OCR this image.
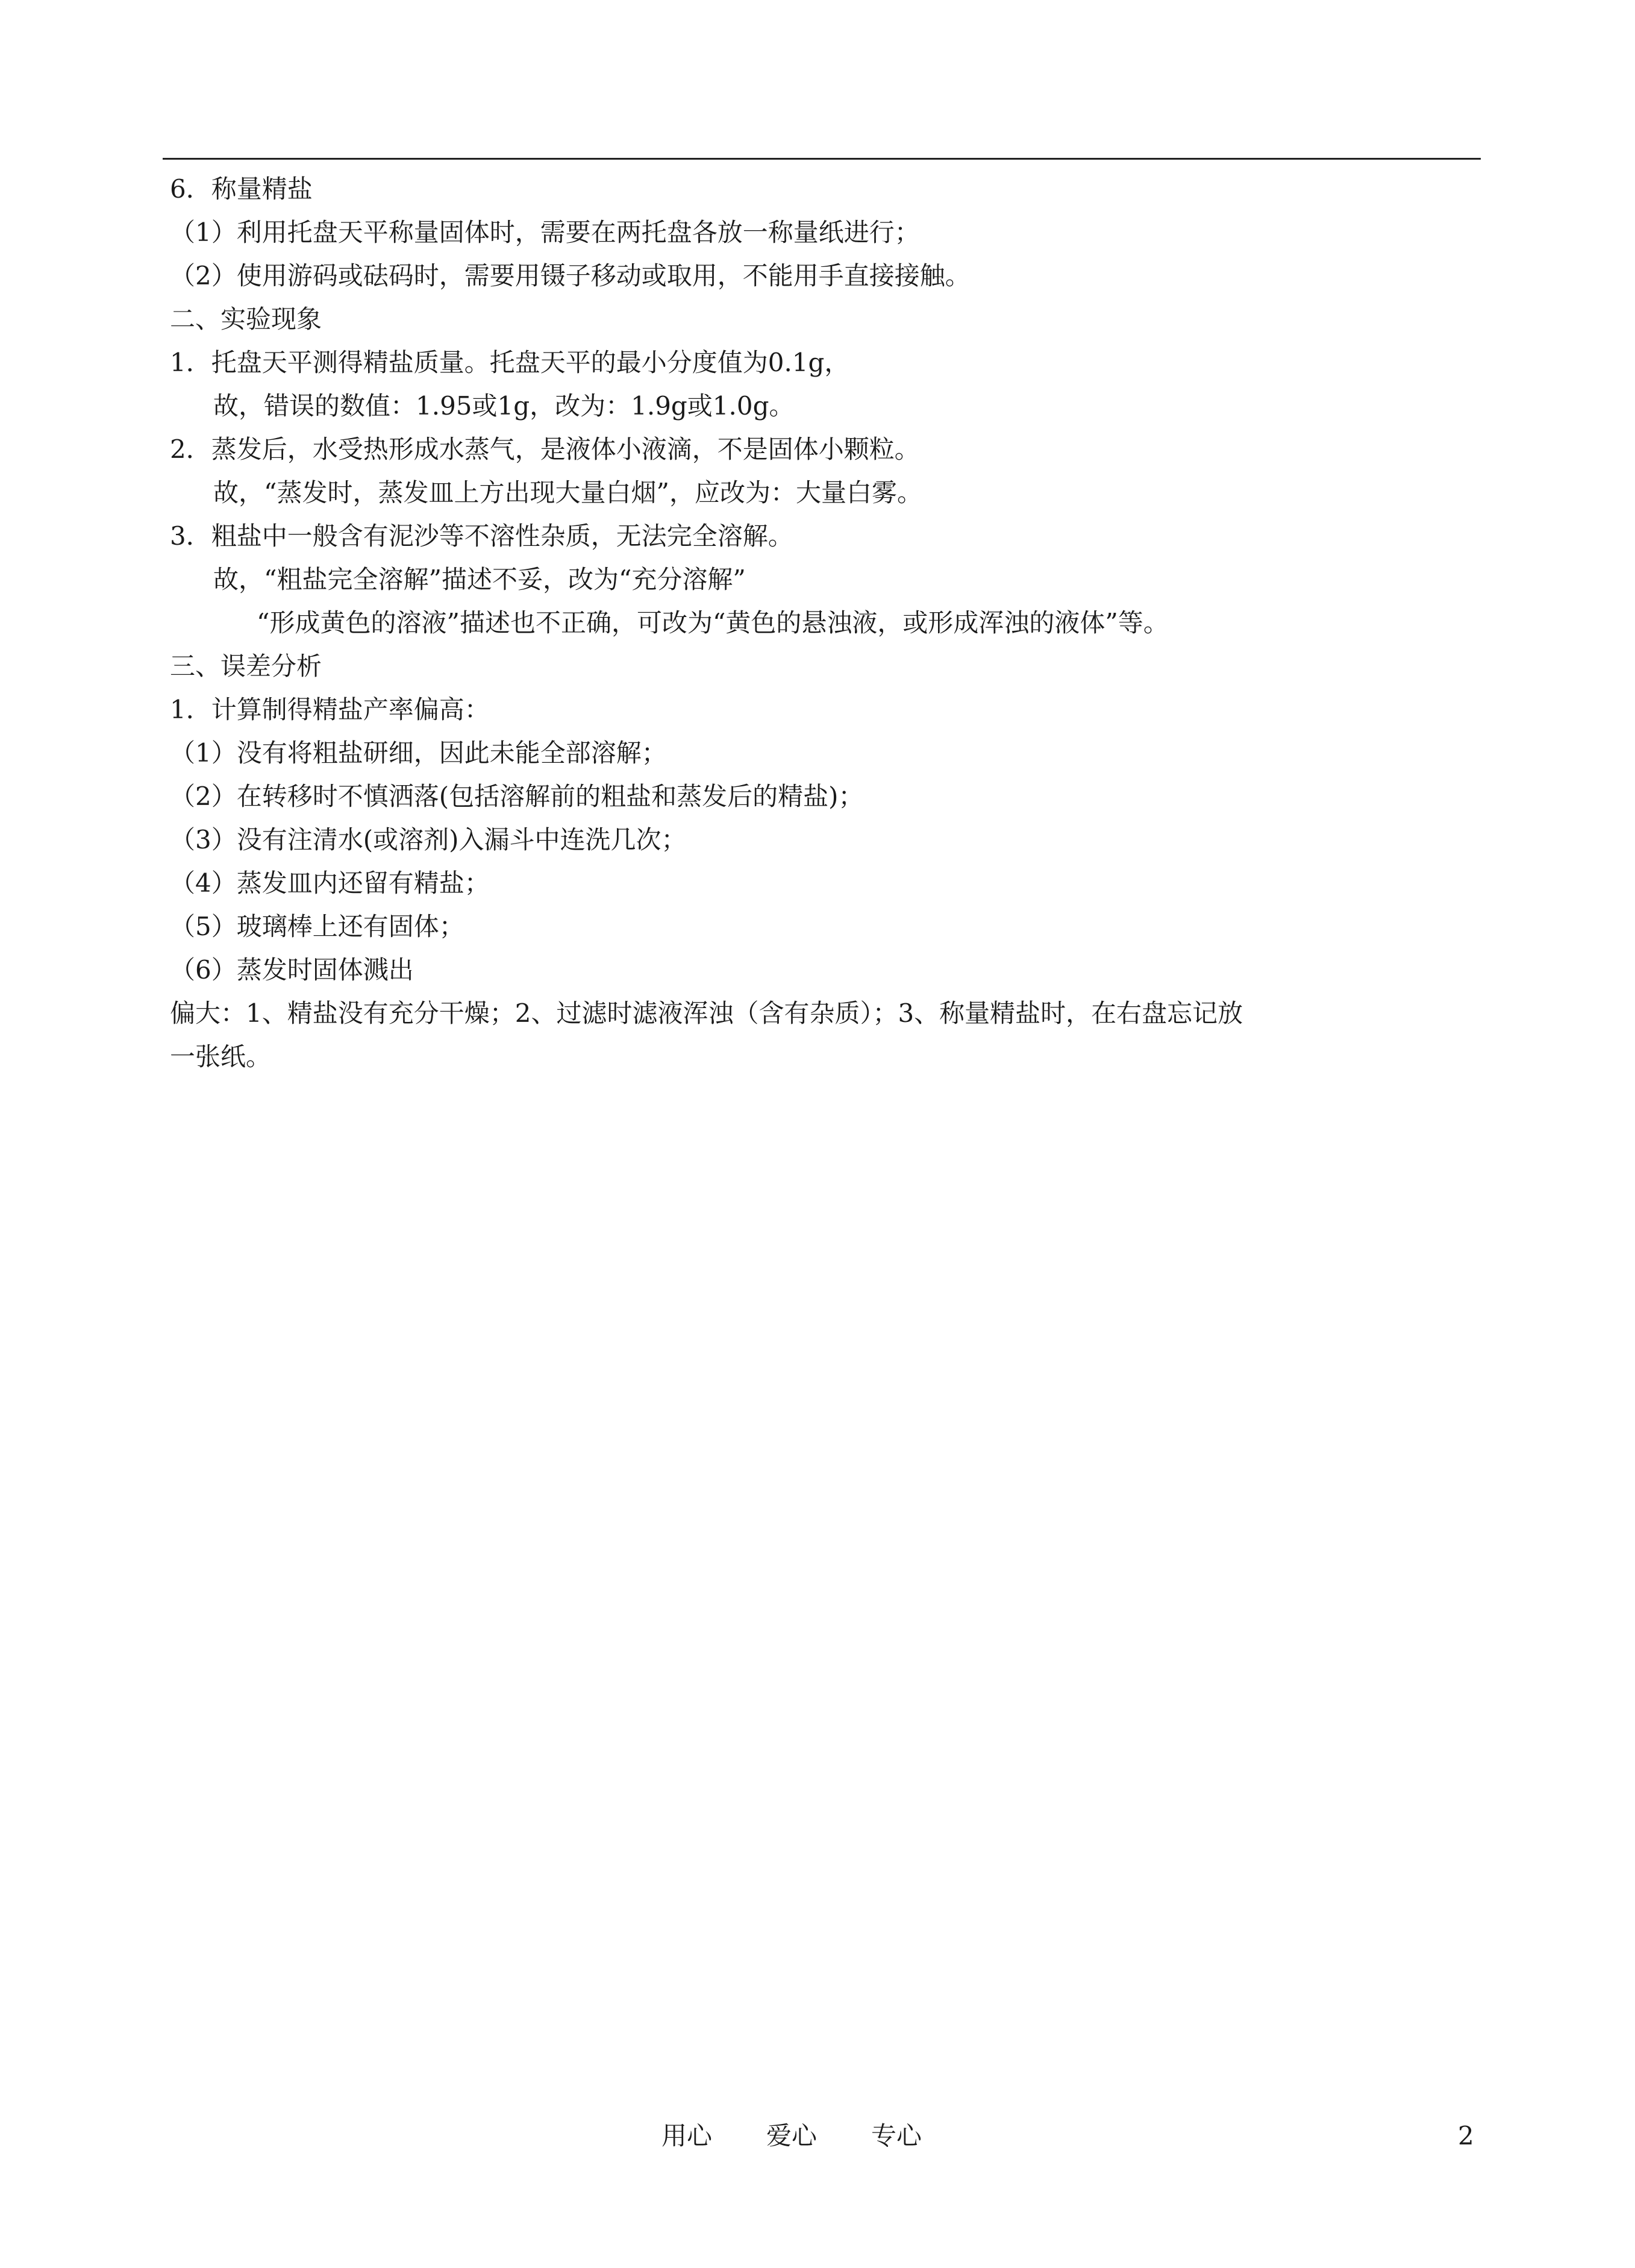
6．称量精盐
（1）利用托盘天平称量固体时，需要在两托盘各放一称量纸进行；
（2）使用游码或砝码时，需要用镊子移动或取用，不能用手直接接触。
二、实验现象
1．托盘天平测得精盐质量。托盘天平的最小分度值为0.1g，
故，错误的数值：1.95或1g，改为：1.9g或1.0g。
2．蒸发后，水受热形成水蒸气，是液体小液滴，不是固体小颗粒。
故，“蒸发时，蒸发皿上方出现大量白烟”，应改为：大量白雾。
3．粗盐中一般含有泥沙等不溶性杂质，无法完全溶解。
故，“粗盐完全溶解”描述不妥，改为“充分溶解”
“形成黄色的溶液”描述也不正确，可改为“黄色的悬浊液，或形成浑浊的液体”等。
三、误差分析
1．计算制得精盐产率偏高：
（1）没有将粗盐研细，因此未能全部溶解；
（2）在转移时不慎洒落(包括溶解前的粗盐和蒸发后的精盐)；
（3）没有注清水(或溶剂)入漏斗中连洗几次；
（4）蒸发皿内还留有精盐；
（5）玻璃棒上还有固体；
（6）蒸发时固体溅出
偏大：1、精盐没有充分干燥；2、过滤时滤液浑浊（含有杂质）；3、称量精盐时，在右盘忘记放
一张纸。
用心 爱心 专心	2
